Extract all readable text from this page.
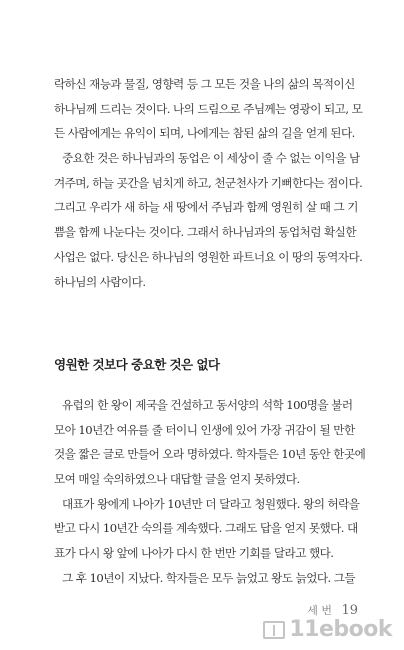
락하신 재능과 물질, 영향력 등 그 모든 것을 나의 삶의 목적이신
하나님께 드리는 것이다. 나의 드림으로 주님께는 영광이 되고, 모
든 사람에게는 유익이 되며, 나에게는 참된 삶의 길을 얻게 된다.
중요한 것은 하나님과의 동업은 이 세상이 줄 수 없는 이익을 남
겨주며, 하늘 곳간을 넘치게 하고, 천군천사가 기뻐한다는 점이다.
그리고 우리가 새 하늘 새 땅에서 주님과 함께 영원히 살 때 그 기
쁨을 함께 나눈다는 것이다. 그래서 하나님과의 동업처럼 확실한
사업은 없다. 당신은 하나님의 영원한 파트너요 이 땅의 동역자다.
하나님의 사람이다.
영원한 것보다 중요한 것은 없다
유럽의 한 왕이 제국을 건설하고 동서양의 석학 100명을 불러
모아 10년간 여유를 줄 터이니 인생에 있어 가장 귀감이 될 만한
것을 짧은 글로 만들어 오라 명하였다. 학자들은 10년 동안 한곳에
모여 매일 숙의하였으나 대답할 글을 얻지 못하였다.
대표가 왕에게 나아가 10년만 더 달라고 청원했다. 왕의 허락을
받고 다시 10년간 숙의를 계속했다. 그래도 답을 얻지 못했다. 대
표가 다시 왕 앞에 나아가 다시 한 번만 기회를 달라고 했다.
그 후 10년이 지났다. 학자들은 모두 늙었고 왕도 늙었다. 그들
세 번 19
11ebook
